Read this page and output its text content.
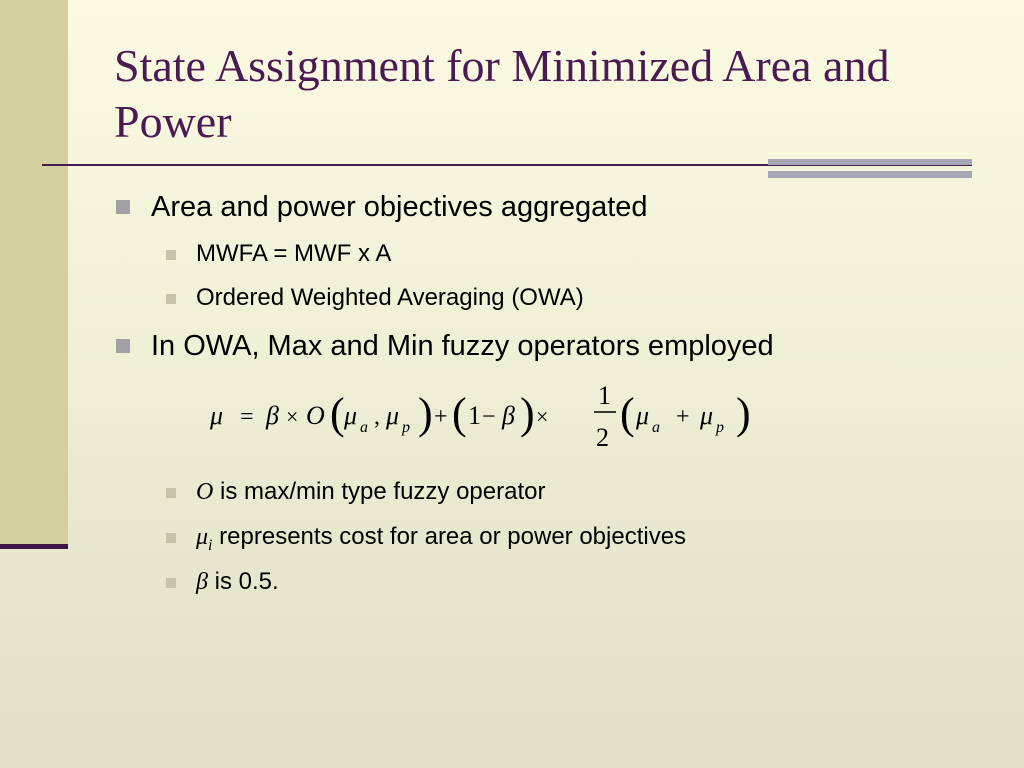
State Assignment for Minimized Area and Power
Area and power objectives aggregated
MWFA = MWF x A
Ordered Weighted Averaging (OWA)
In OWA, Max and Min fuzzy operators employed
μ = β × O ( μ a , μ p ) + ( 1 − β ) ×
1
2 ( μ a + μ p )
O is max/min type fuzzy operator
$\mu_i$ represents cost for area or power objectives
β is 0.5.
